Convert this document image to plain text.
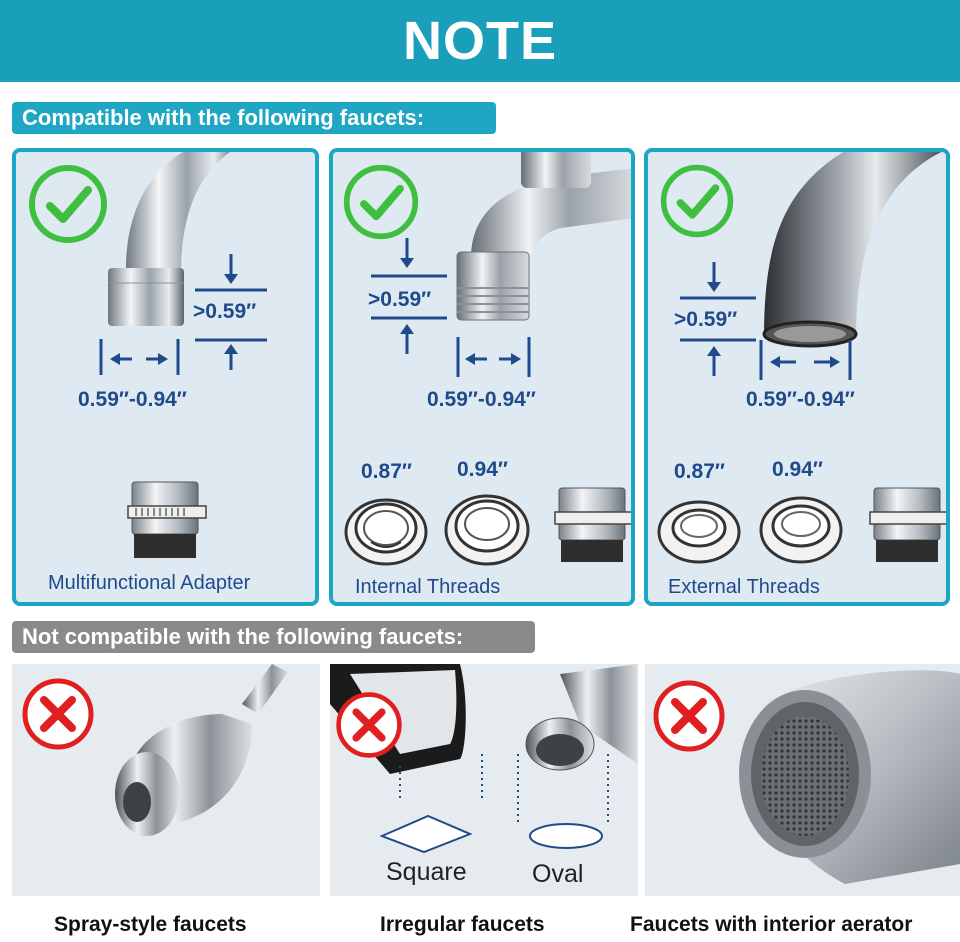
NOTE
Compatible with the following faucets:
>0.59″
0.59″-0.94″
Multifunctional Adapter
>0.59″
0.59″-0.94″
0.87″ 0.94″
Internal Threads
>0.59″
0.59″-0.94″
0.87″ 0.94″
External Threads
Not compatible with the following faucets:
Square	Oval
Spray-style faucets	Irregular faucets	Faucets with interior aerator
